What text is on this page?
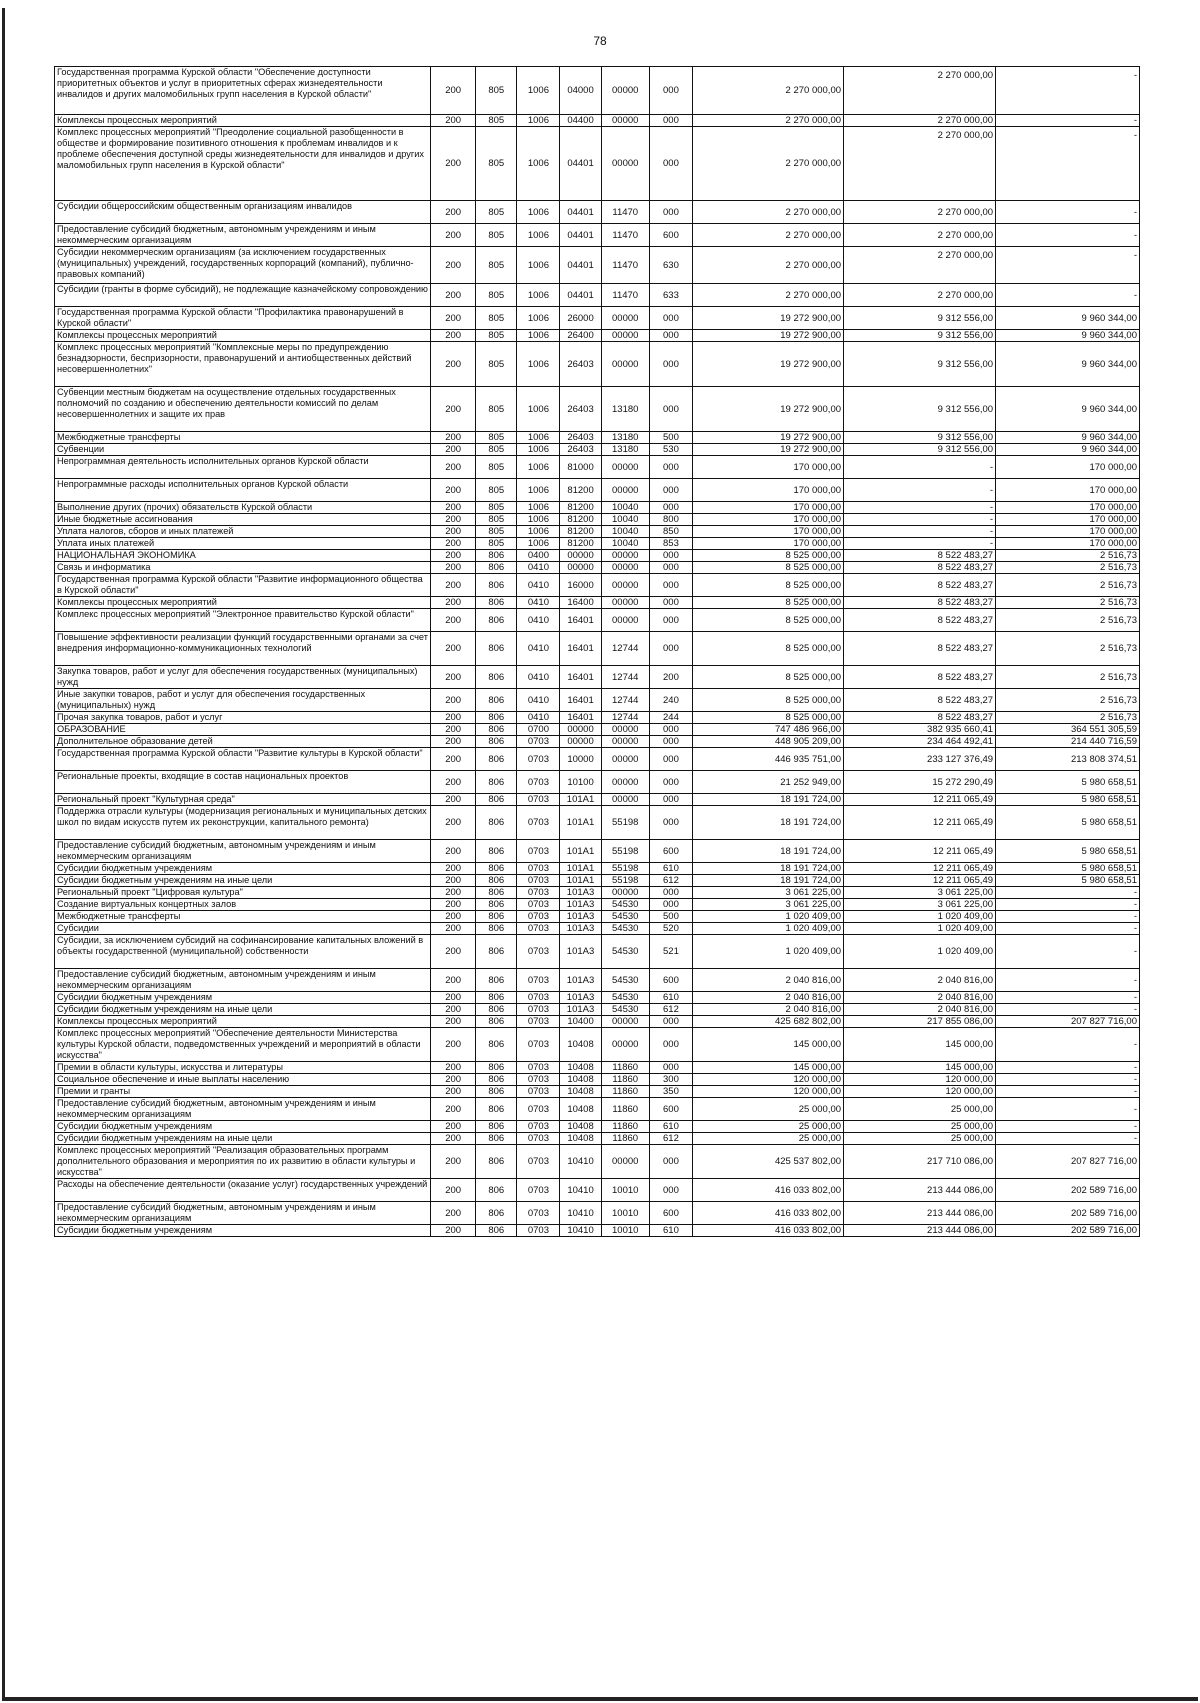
78
Государственная программа Курской области "Обеспечение доступности приоритетных объектов и услуг в приоритетных сферах жизнедеятельности инвалидов и других маломобильных групп населения в Курской области"	200	805	1006	04000	00000	000	2 270 000,00	2 270 000,00	-
Комплексы процессных мероприятий	200	805	1006	04400	00000	000	2 270 000,00	2 270 000,00	-
Комплекс процессных мероприятий "Преодоление социальной разобщенности в обществе и формирование позитивного отношения к проблемам инвалидов и к проблеме обеспечения доступной среды жизнедеятельности для инвалидов и других маломобильных групп населения в Курской области"	200	805	1006	04401	00000	000	2 270 000,00	2 270 000,00	-
Субсидии общероссийским общественным организациям инвалидов	200	805	1006	04401	11470	000	2 270 000,00	2 270 000,00	-
Предоставление субсидий бюджетным, автономным учреждениям и иным некоммерческим организациям	200	805	1006	04401	11470	600	2 270 000,00	2 270 000,00	-
Субсидии некоммерческим организациям (за исключением государственных (муниципальных) учреждений, государственных корпораций (компаний), публично-правовых компаний)	200	805	1006	04401	11470	630	2 270 000,00	2 270 000,00	-
Субсидии (гранты в форме субсидий), не подлежащие казначейскому сопровождению	200	805	1006	04401	11470	633	2 270 000,00	2 270 000,00	-
Государственная программа Курской области "Профилактика правонарушений в Курской области"	200	805	1006	26000	00000	000	19 272 900,00	9 312 556,00	9 960 344,00
Комплексы процессных мероприятий	200	805	1006	26400	00000	000	19 272 900,00	9 312 556,00	9 960 344,00
Комплекс процессных мероприятий "Комплексные меры по предупреждению безнадзорности, беспризорности, правонарушений и антиобщественных действий несовершеннолетних"	200	805	1006	26403	00000	000	19 272 900,00	9 312 556,00	9 960 344,00
Субвенции местным бюджетам на осуществление отдельных государственных полномочий по созданию и обеспечению деятельности комиссий по делам несовершеннолетних и защите их прав	200	805	1006	26403	13180	000	19 272 900,00	9 312 556,00	9 960 344,00
Межбюджетные трансферты	200	805	1006	26403	13180	500	19 272 900,00	9 312 556,00	9 960 344,00
Субвенции	200	805	1006	26403	13180	530	19 272 900,00	9 312 556,00	9 960 344,00
Непрограммная деятельность исполнительных органов Курской области	200	805	1006	81000	00000	000	170 000,00	-	170 000,00
Непрограммные расходы исполнительных органов Курской области	200	805	1006	81200	00000	000	170 000,00	-	170 000,00
Выполнение других (прочих) обязательств Курской области	200	805	1006	81200	10040	000	170 000,00	-	170 000,00
Иные бюджетные ассигнования	200	805	1006	81200	10040	800	170 000,00	-	170 000,00
Уплата налогов, сборов и иных платежей	200	805	1006	81200	10040	850	170 000,00	-	170 000,00
Уплата иных платежей	200	805	1006	81200	10040	853	170 000,00	-	170 000,00
НАЦИОНАЛЬНАЯ ЭКОНОМИКА	200	806	0400	00000	00000	000	8 525 000,00	8 522 483,27	2 516,73
Связь и информатика	200	806	0410	00000	00000	000	8 525 000,00	8 522 483,27	2 516,73
Государственная программа Курской области "Развитие информационного общества в Курской области"	200	806	0410	16000	00000	000	8 525 000,00	8 522 483,27	2 516,73
Комплексы процессных мероприятий	200	806	0410	16400	00000	000	8 525 000,00	8 522 483,27	2 516,73
Комплекс процессных мероприятий "Электронное правительство Курской области"	200	806	0410	16401	00000	000	8 525 000,00	8 522 483,27	2 516,73
Повышение эффективности реализации функций государственными органами за счет внедрения информационно-коммуникационных технологий	200	806	0410	16401	12744	000	8 525 000,00	8 522 483,27	2 516,73
Закупка товаров, работ и услуг для обеспечения государственных (муниципальных) нужд	200	806	0410	16401	12744	200	8 525 000,00	8 522 483,27	2 516,73
Иные закупки товаров, работ и услуг для обеспечения государственных (муниципальных) нужд	200	806	0410	16401	12744	240	8 525 000,00	8 522 483,27	2 516,73
Прочая закупка товаров, работ и услуг	200	806	0410	16401	12744	244	8 525 000,00	8 522 483,27	2 516,73
ОБРАЗОВАНИЕ	200	806	0700	00000	00000	000	747 486 966,00	382 935 660,41	364 551 305,59
Дополнительное образование детей	200	806	0703	00000	00000	000	448 905 209,00	234 464 492,41	214 440 716,59
Государственная программа Курской области "Развитие культуры в Курской области"	200	806	0703	10000	00000	000	446 935 751,00	233 127 376,49	213 808 374,51
Региональные проекты, входящие в состав национальных проектов	200	806	0703	10100	00000	000	21 252 949,00	15 272 290,49	5 980 658,51
Региональный проект "Культурная среда"	200	806	0703	101A1	00000	000	18 191 724,00	12 211 065,49	5 980 658,51
Поддержка отрасли культуры (модернизация региональных и муниципальных детских школ по видам искусств путем их реконструкции, капитального ремонта)	200	806	0703	101A1	55198	000	18 191 724,00	12 211 065,49	5 980 658,51
Предоставление субсидий бюджетным, автономным учреждениям и иным некоммерческим организациям	200	806	0703	101A1	55198	600	18 191 724,00	12 211 065,49	5 980 658,51
Субсидии бюджетным учреждениям	200	806	0703	101A1	55198	610	18 191 724,00	12 211 065,49	5 980 658,51
Субсидии бюджетным учреждениям на иные цели	200	806	0703	101A1	55198	612	18 191 724,00	12 211 065,49	5 980 658,51
Региональный проект "Цифровая культура"	200	806	0703	101A3	00000	000	3 061 225,00	3 061 225,00	-
Создание виртуальных концертных залов	200	806	0703	101A3	54530	000	3 061 225,00	3 061 225,00	-
Межбюджетные трансферты	200	806	0703	101A3	54530	500	1 020 409,00	1 020 409,00	-
Субсидии	200	806	0703	101A3	54530	520	1 020 409,00	1 020 409,00	-
Субсидии, за исключением субсидий на софинансирование капитальных вложений в объекты государственной (муниципальной) собственности	200	806	0703	101A3	54530	521	1 020 409,00	1 020 409,00	-
Предоставление субсидий бюджетным, автономным учреждениям и иным некоммерческим организациям	200	806	0703	101A3	54530	600	2 040 816,00	2 040 816,00	-
Субсидии бюджетным учреждениям	200	806	0703	101A3	54530	610	2 040 816,00	2 040 816,00	-
Субсидии бюджетным учреждениям на иные цели	200	806	0703	101A3	54530	612	2 040 816,00	2 040 816,00	-
Комплексы процессных мероприятий	200	806	0703	10400	00000	000	425 682 802,00	217 855 086,00	207 827 716,00
Комплекс процессных мероприятий "Обеспечение деятельности Министерства культуры Курской области, подведомственных учреждений и мероприятий в области искусства"	200	806	0703	10408	00000	000	145 000,00	145 000,00	-
Премии в области культуры, искусства и литературы	200	806	0703	10408	11860	000	145 000,00	145 000,00	-
Социальное обеспечение и иные выплаты населению	200	806	0703	10408	11860	300	120 000,00	120 000,00	-
Премии и гранты	200	806	0703	10408	11860	350	120 000,00	120 000,00	-
Предоставление субсидий бюджетным, автономным учреждениям и иным некоммерческим организациям	200	806	0703	10408	11860	600	25 000,00	25 000,00	-
Субсидии бюджетным учреждениям	200	806	0703	10408	11860	610	25 000,00	25 000,00	-
Субсидии бюджетным учреждениям на иные цели	200	806	0703	10408	11860	612	25 000,00	25 000,00	-
Комплекс процессных мероприятий "Реализация образовательных программ дополнительного образования и мероприятия по их развитию в области культуры и искусства"	200	806	0703	10410	00000	000	425 537 802,00	217 710 086,00	207 827 716,00
Расходы на обеспечение деятельности (оказание услуг) государственных учреждений	200	806	0703	10410	10010	000	416 033 802,00	213 444 086,00	202 589 716,00
Предоставление субсидий бюджетным, автономным учреждениям и иным некоммерческим организациям	200	806	0703	10410	10010	600	416 033 802,00	213 444 086,00	202 589 716,00
Субсидии бюджетным учреждениям	200	806	0703	10410	10010	610	416 033 802,00	213 444 086,00	202 589 716,00
